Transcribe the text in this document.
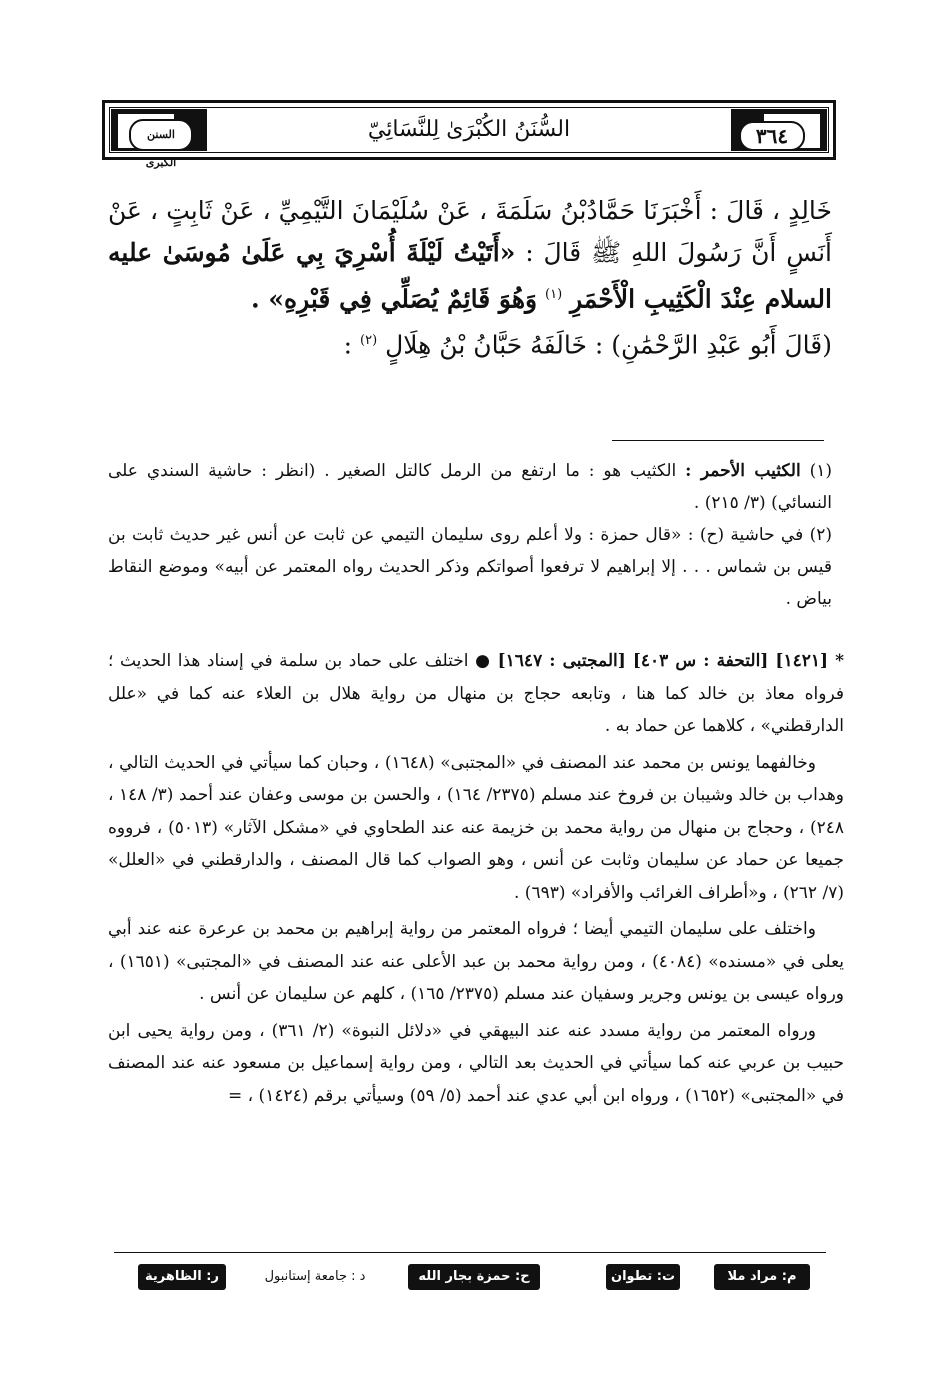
السنن الكبرى
٣٦٤
السُّنَنُ الكُبْرَىٰ لِلنَّسَائِيّ

خَالِدٍ ، قَالَ : أَخْبَرَنَا حَمَّادُبْنُ سَلَمَةَ ، عَنْ سُلَيْمَانَ التَّيْمِيِّ ، عَنْ ثَابِتٍ ، عَنْ أَنَسٍ أَنَّ رَسُولَ اللهِ ﷺ قَالَ : «أَتَيْتُ لَيْلَةَ أُسْرِيَ بِي عَلَىٰ مُوسَىٰ عليه السلام عِنْدَ الْكَثِيبِ الْأَحْمَرِ $^{(١)}$ وَهُوَ قَائِمٌ يُصَلِّي فِي قَبْرِهِ» .

(قَالَ أَبُو عَبْدِ الرَّحْمَٰنِ) : خَالَفَهُ حَبَّانُ بْنُ هِلَالٍ $^{(٢)}$ :

(١) الكثيب الأحمر : الكثيب هو : ما ارتفع من الرمل كالتل الصغير . (انظر : حاشية السندي على النسائي) (٣/ ٢١٥) .

(٢) في حاشية (ح) : «قال حمزة : ولا أعلم روى سليمان التيمي عن ثابت عن أنس غير حديث ثابت بن قيس بن شماس . . . إلا إبراهيم لا ترفعوا أصواتكم وذكر الحديث رواه المعتمر عن أبيه» وموضع النقاط بياض .

* [١٤٢١] [التحفة : س ٤٠٣] [المجتبى : ١٦٤٧] ● اختلف على حماد بن سلمة في إسناد هذا الحديث ؛ فرواه معاذ بن خالد كما هنا ، وتابعه حجاج بن منهال من رواية هلال بن العلاء عنه كما في «علل الدارقطني» ، كلاهما عن حماد به .

وخالفهما يونس بن محمد عند المصنف في «المجتبى» (١٦٤٨) ، وحبان كما سيأتي في الحديث التالي ، وهداب بن خالد وشيبان بن فروخ عند مسلم (٢٣٧٥/ ١٦٤) ، والحسن بن موسى وعفان عند أحمد (٣/ ١٤٨ ، ٢٤٨) ، وحجاج بن منهال من رواية محمد بن خزيمة عنه عند الطحاوي في «مشكل الآثار» (٥٠١٣) ، فرووه جميعا عن حماد عن سليمان وثابت عن أنس ، وهو الصواب كما قال المصنف ، والدارقطني في «العلل» (٧/ ٢٦٢) ، و«أطراف الغرائب والأفراد» (٦٩٣) .

واختلف على سليمان التيمي أيضا ؛ فرواه المعتمر من رواية إبراهيم بن محمد بن عرعرة عنه عند أبي يعلى في «مسنده» (٤٠٨٤) ، ومن رواية محمد بن عبد الأعلى عنه عند المصنف في «المجتبى» (١٦٥١) ، ورواه عيسى بن يونس وجرير وسفيان عند مسلم (٢٣٧٥/ ١٦٥) ، كلهم عن سليمان عن أنس .

ورواه المعتمر من رواية مسدد عنه عند البيهقي في «دلائل النبوة» (٢/ ٣٦١) ، ومن رواية يحيى ابن حبيب بن عربي عنه كما سيأتي في الحديث بعد التالي ، ومن رواية إسماعيل بن مسعود عنه عند المصنف في «المجتبى» (١٦٥٢) ، ورواه ابن أبي عدي عند أحمد (٥/ ٥٩) وسيأتي برقم (١٤٢٤) ، =

م: مراد ملا
ت: تطوان
ح: حمزة بجار الله
د : جامعة إستانبول
ر: الظاهرية
